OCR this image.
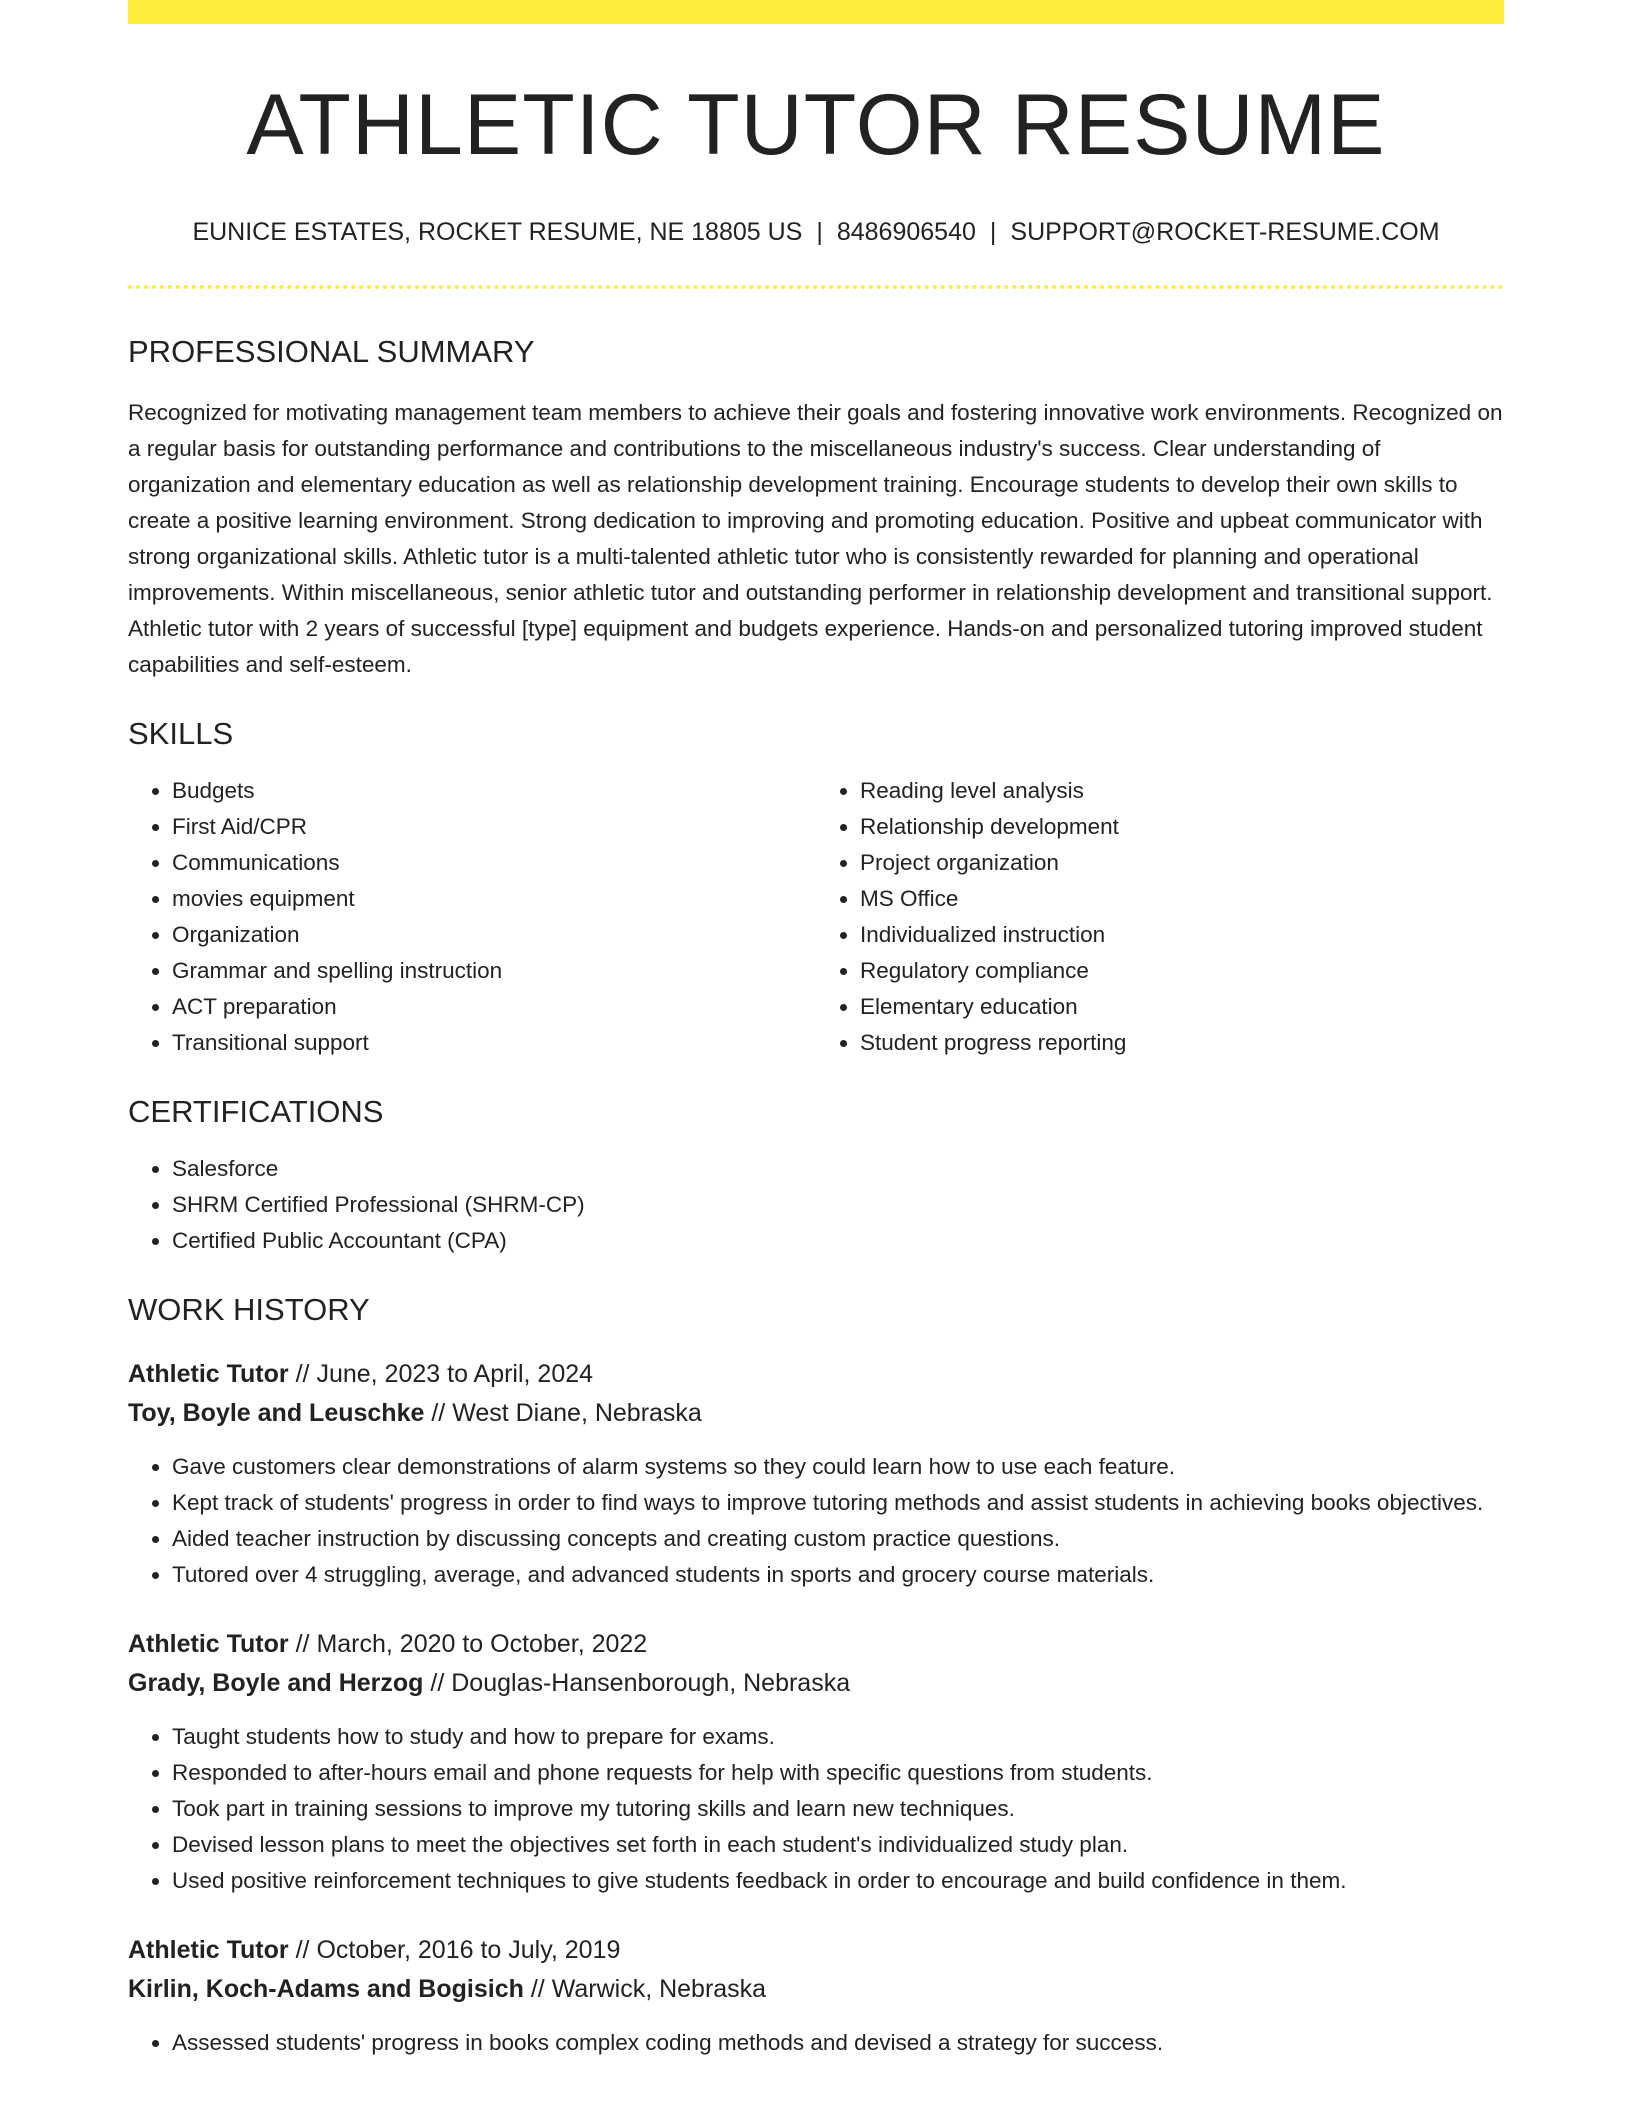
ATHLETIC TUTOR RESUME
EUNICE ESTATES, ROCKET RESUME, NE 18805 US | 8486906540 | SUPPORT@ROCKET-RESUME.COM
PROFESSIONAL SUMMARY
Recognized for motivating management team members to achieve their goals and fostering innovative work environments. Recognized on a regular basis for outstanding performance and contributions to the miscellaneous industry's success. Clear understanding of organization and elementary education as well as relationship development training. Encourage students to develop their own skills to create a positive learning environment. Strong dedication to improving and promoting education. Positive and upbeat communicator with strong organizational skills. Athletic tutor is a multi-talented athletic tutor who is consistently rewarded for planning and operational improvements. Within miscellaneous, senior athletic tutor and outstanding performer in relationship development and transitional support. Athletic tutor with 2 years of successful [type] equipment and budgets experience. Hands-on and personalized tutoring improved student capabilities and self-esteem.
SKILLS
• Budgets
• First Aid/CPR
• Communications
• movies equipment
• Organization
• Grammar and spelling instruction
• ACT preparation
• Transitional support
• Reading level analysis
• Relationship development
• Project organization
• MS Office
• Individualized instruction
• Regulatory compliance
• Elementary education
• Student progress reporting
CERTIFICATIONS
• Salesforce
• SHRM Certified Professional (SHRM-CP)
• Certified Public Accountant (CPA)
WORK HISTORY
Athletic Tutor // June, 2023 to April, 2024
Toy, Boyle and Leuschke // West Diane, Nebraska
• Gave customers clear demonstrations of alarm systems so they could learn how to use each feature.
• Kept track of students' progress in order to find ways to improve tutoring methods and assist students in achieving books objectives.
• Aided teacher instruction by discussing concepts and creating custom practice questions.
• Tutored over 4 struggling, average, and advanced students in sports and grocery course materials.
Athletic Tutor // March, 2020 to October, 2022
Grady, Boyle and Herzog // Douglas-Hansenborough, Nebraska
• Taught students how to study and how to prepare for exams.
• Responded to after-hours email and phone requests for help with specific questions from students.
• Took part in training sessions to improve my tutoring skills and learn new techniques.
• Devised lesson plans to meet the objectives set forth in each student's individualized study plan.
• Used positive reinforcement techniques to give students feedback in order to encourage and build confidence in them.
Athletic Tutor // October, 2016 to July, 2019
Kirlin, Koch-Adams and Bogisich // Warwick, Nebraska
• Assessed students' progress in books complex coding methods and devised a strategy for success.
